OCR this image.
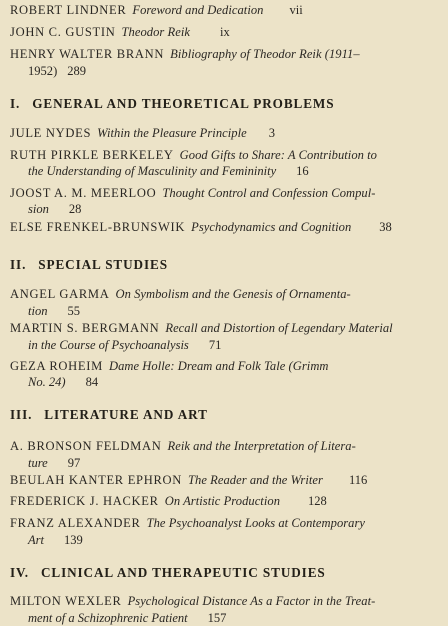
ROBERT LINDNER Foreword and Dedication vii
JOHN C. GUSTIN Theodor Reik ix
HENRY WALTER BRANN Bibliography of Theodor Reik (1911–
1952) 289
I. GENERAL AND THEORETICAL PROBLEMS
JULE NYDES Within the Pleasure Principle 3
RUTH PIRKLE BERKELEY Good Gifts to Share: A Contribution to
the Understanding of Masculinity and Femininity 16
JOOST A. M. MEERLOO Thought Control and Confession Compul-
sion 28
ELSE FRENKEL-BRUNSWIK Psychodynamics and Cognition 38
II. SPECIAL STUDIES
ANGEL GARMA On Symbolism and the Genesis of Ornamenta-
tion 55
MARTIN S. BERGMANN Recall and Distortion of Legendary Material
in the Course of Psychoanalysis 71
GEZA ROHEIM Dame Holle: Dream and Folk Tale (Grimm
No. 24) 84
III. LITERATURE AND ART
A. BRONSON FELDMAN Reik and the Interpretation of Litera-
ture 97
BEULAH KANTER EPHRON The Reader and the Writer 116
FREDERICK J. HACKER On Artistic Production 128
FRANZ ALEXANDER The Psychoanalyst Looks at Contemporary
Art 139
IV. CLINICAL AND THERAPEUTIC STUDIES
MILTON WEXLER Psychological Distance As a Factor in the Treat-
ment of a Schizophrenic Patient 157
